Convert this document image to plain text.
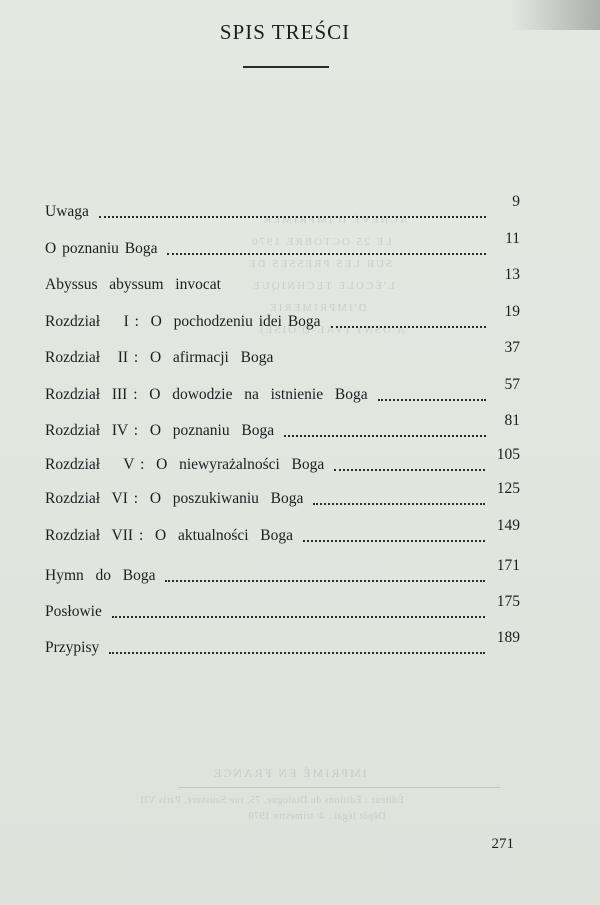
ACHEVÉ D'IMPRIMER
LE 25 OCTOBRE 1970
SUR LES PRESSES DE
L'ÉCOLE TECHNIQUE
D'IMPRIMERIE
A OSNY (VAL-D'OISE)
IMPRIMÉ EN FRANCE
Éditeur : Éditions du Dialogue, 75, rue Saussuré, Paris VII
Dépôt légal : 4ᵉ trimestre 1970
SPIS TREŚCI
Uwaga
9
O poznaniu Boga
11
Abyssus  abyssum  invocat
13
Rozdział    I :  O  pochodzeniu idei Boga
19
Rozdział   II :  O  afirmacji  Boga
37
Rozdział  III :  O  dowodzie  na  istnienie  Boga
57
Rozdział  IV :  O  poznaniu  Boga
81
Rozdział    V :  O  niewyrażalności  Boga
105
Rozdział  VI :  O  poszukiwaniu  Boga
125
Rozdział  VII :  O  aktualności  Boga
149
Hymn  do  Boga
171
Posłowie
175
Przypisy
189
271
